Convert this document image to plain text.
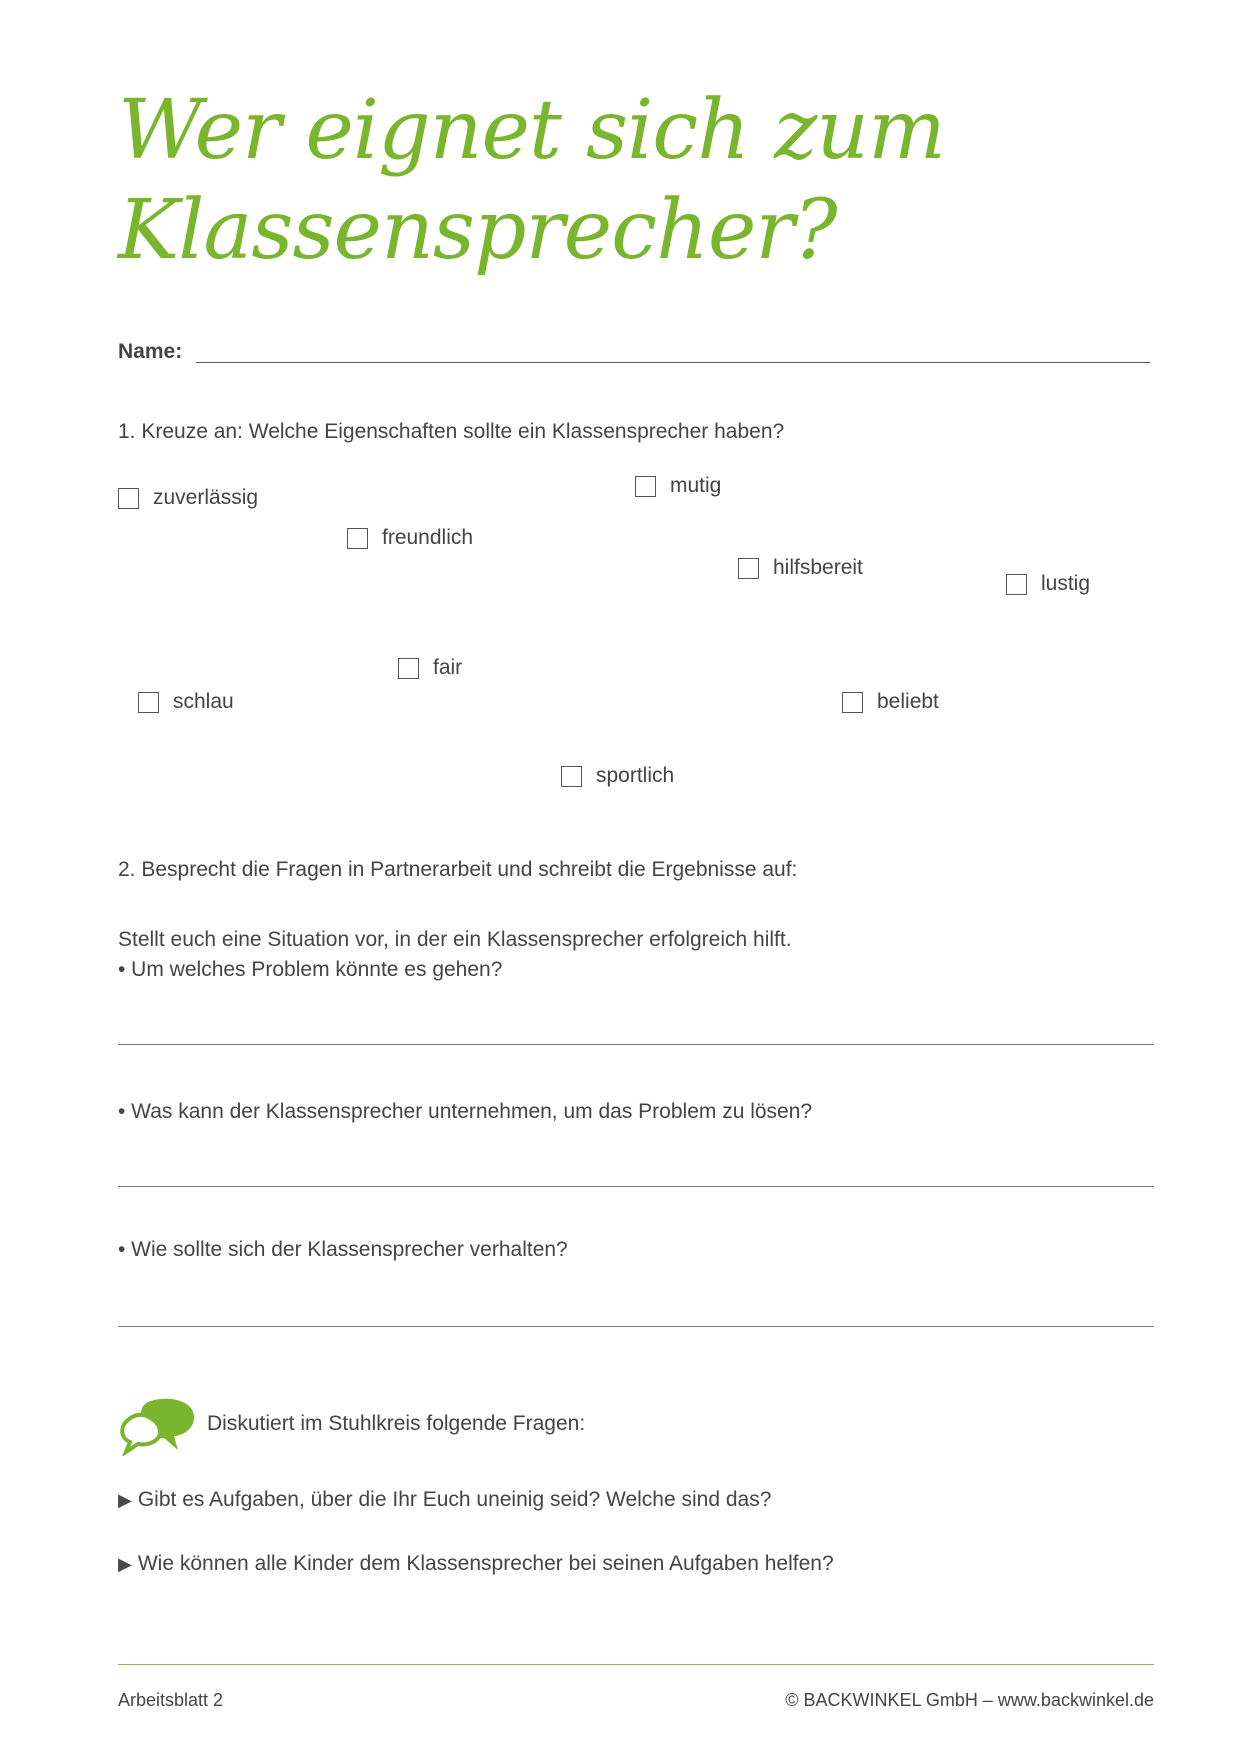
Wer eignet sich zum
Klassensprecher?
Name:
1. Kreuze an: Welche Eigenschaften sollte ein Klassensprecher haben?
zuverlässig
mutig
freundlich
hilfsbereit
lustig
fair
schlau	beliebt
sportlich
2. Besprecht die Fragen in Partnerarbeit und schreibt die Ergebnisse auf:
Stellt euch eine Situation vor, in der ein Klassensprecher erfolgreich hilft.
• Um welches Problem könnte es gehen?
• Was kann der Klassensprecher unternehmen, um das Problem zu lösen?
• Wie sollte sich der Klassensprecher verhalten?
Diskutiert im Stuhlkreis folgende Fragen:
▶ Gibt es Aufgaben, über die Ihr Euch uneinig seid? Welche sind das?
▶ Wie können alle Kinder dem Klassensprecher bei seinen Aufgaben helfen?
Arbeitsblatt 2	© BACKWINKEL GmbH – www.backwinkel.de
